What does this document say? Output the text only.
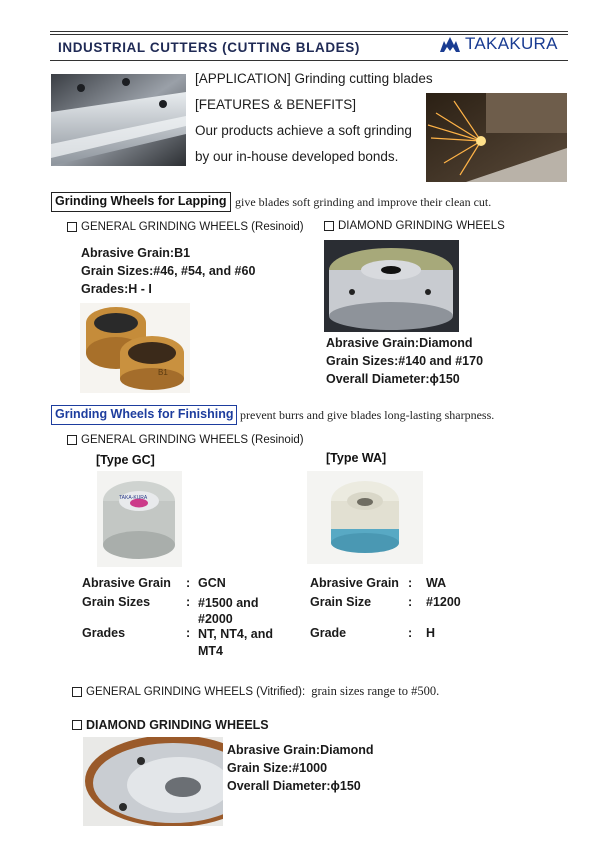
INDUSTRIAL CUTTERS (CUTTING BLADES)	TAKAKURA
[APPLICATION] Grinding cutting blades
[FEATURES & BENEFITS]
Our products achieve a soft grinding
by our in-house developed bonds.
Grinding Wheels for Lapping give blades soft grinding and improve their clean cut.
GENERAL GRINDING WHEELS (Resinoid)
Abrasive Grain:B1
Grain Sizes:#46, #54, and #60
Grades:H - I
B1
DIAMOND GRINDING WHEELS
Abrasive Grain:Diamond
Grain Sizes:#140 and #170
Overall Diameter:ϕ150
Grinding Wheels for Finishing prevent burrs and give blades long-lasting sharpness.
GENERAL GRINDING WHEELS (Resinoid)
[Type GC]	[Type WA]
TAKA-KURA
Abrasive Grain : GCN
Grain Sizes	: #1500 and #2000
Grades	: NT, NT4, and MT4
Abrasive Grain : WA
Grain Size	: #1200
Grade	: H
GENERAL GRINDING WHEELS (Vitrified): grain sizes range to #500.
DIAMOND GRINDING WHEELS
Abrasive Grain:Diamond
Grain Size:#1000
Overall Diameter:ϕ150
